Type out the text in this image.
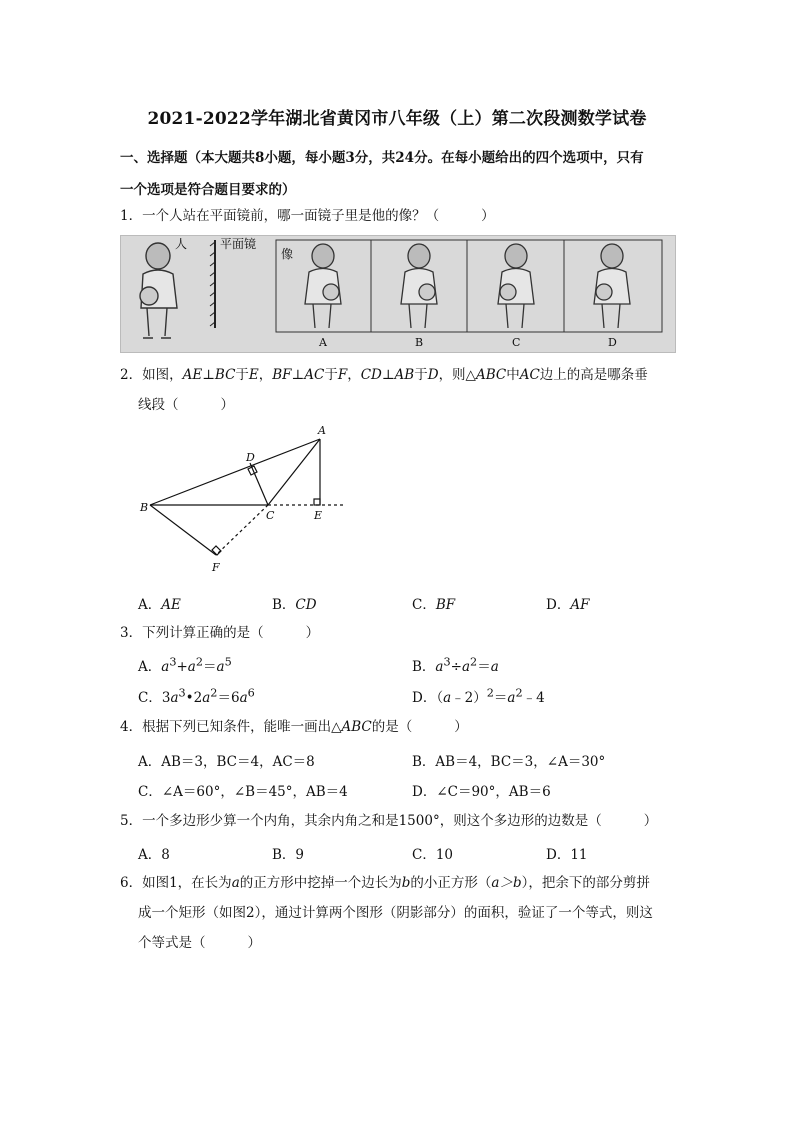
2021-2022学年湖北省黄冈市八年级（上）第二次段测数学试卷
一、选择题（本大题共8小题，每小题3分，共24分。在每小题给出的四个选项中，只有
一个选项是符合题目要求的）
1．一个人站在平面镜前，哪一面镜子里是他的像？（	）
人	平面镜
像
A	B	C	D
2．如图，AE⊥BC于E，BF⊥AC于F，CD⊥AB于D，则△ABC中AC边上的高是哪条垂
线段（	）
A
B
C
D
E
F
A．AE	B．CD	C．BF	D．AF
3．下列计算正确的是（	）
A．$a^3+a^2=a^5$	B．$a^3\div a^2=a$
C．$3a^3•2a^2=6a^6$	D．$(a﹣2)^2=a^2﹣4$
4．根据下列已知条件，能唯一画出△ABC的是（	）
A．AB＝3，BC＝4，AC＝8	B．AB＝4，BC＝3，∠A＝30°
C．∠A＝60°，∠B＝45°，AB＝4	D．∠C＝90°，AB＝6
5．一个多边形少算一个内角，其余内角之和是1500°，则这个多边形的边数是（	）
A．8	B．9	C．10	D．11
6．如图1，在长为a的正方形中挖掉一个边长为b的小正方形（a＞b），把余下的部分剪拼
成一个矩形（如图2），通过计算两个图形（阴影部分）的面积，验证了一个等式，则这
个等式是（	）
